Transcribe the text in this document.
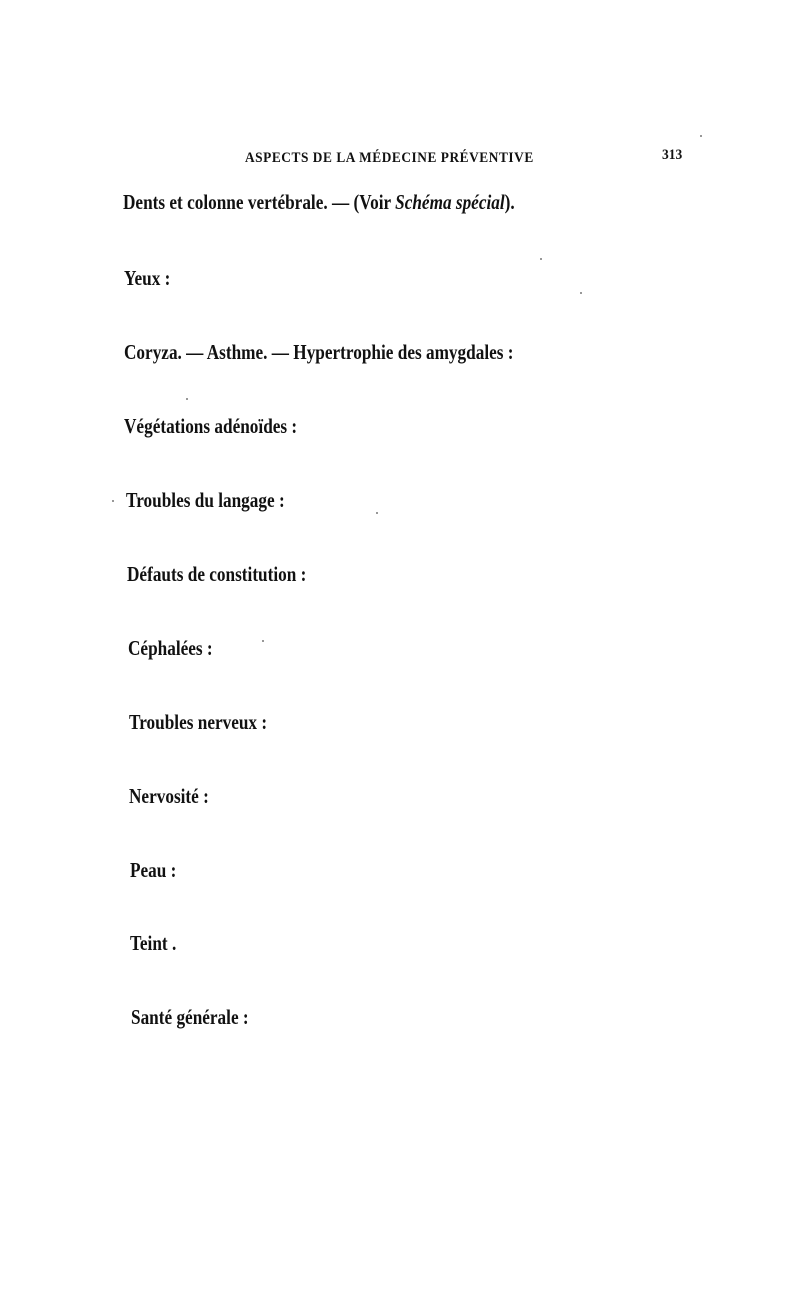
ASPECTS DE LA MÉDECINE PRÉVENTIVE	313
Dents et colonne vertébrale. — (Voir Schéma spécial).
Yeux :
Coryza. — Asthme. — Hypertrophie des amygdales :
Végétations adénoïdes :
Troubles du langage :
Défauts de constitution :
Céphalées :
Troubles nerveux :
Nervosité :
Peau :
Teint .
Santé générale :
